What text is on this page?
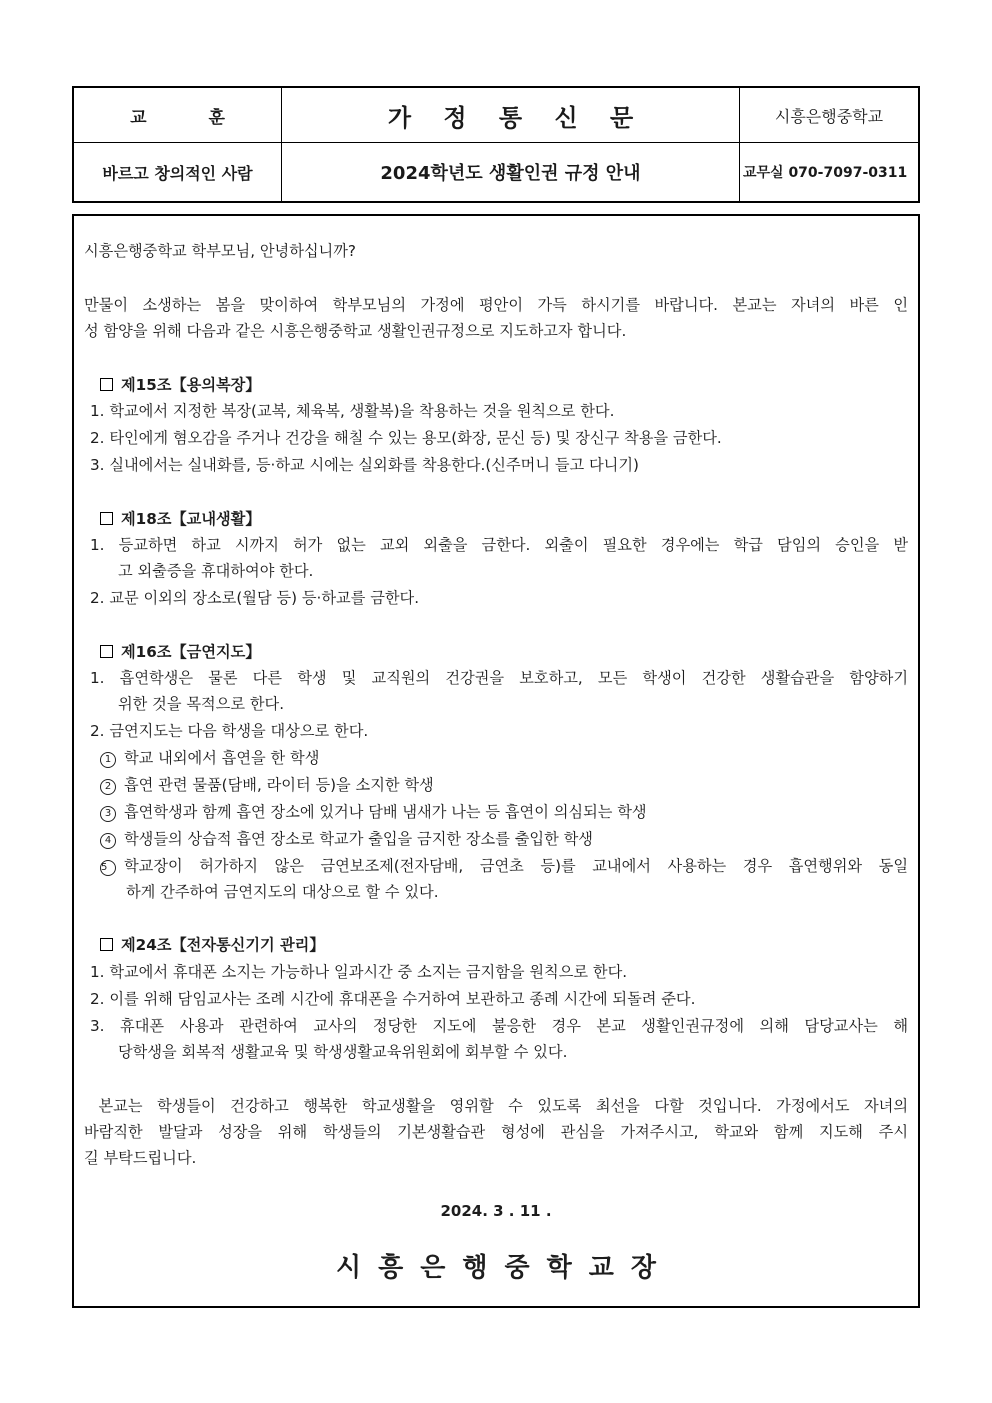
교 훈	가 정 통 신 문	시흥은행중학교
바르고 창의적인 사람	2024학년도 생활인권 규정 안내	교무실 070-7097-0311
시흥은행중학교 학부모님, 안녕하십니까?
만물이 소생하는 봄을 맞이하여 학부모님의 가정에 평안이 가득 하시기를 바랍니다. 본교는 자녀의 바른 인
성 함양을 위해 다음과 같은 시흥은행중학교 생활인권규정으로 지도하고자 합니다.
제15조【용의복장】
1. 학교에서 지정한 복장(교복, 체육복, 생활복)을 착용하는 것을 원칙으로 한다.
2. 타인에게 혐오감을 주거나 건강을 해칠 수 있는 용모(화장, 문신 등) 및 장신구 착용을 금한다.
3. 실내에서는 실내화를, 등·하교 시에는 실외화를 착용한다.(신주머니 들고 다니기)
제18조【교내생활】
1. 등교하면 하교 시까지 허가 없는 교외 외출을 금한다. 외출이 필요한 경우에는 학급 담임의 승인을 받
고 외출증을 휴대하여야 한다.
2. 교문 이외의 장소로(월담 등) 등·하교를 금한다.
제16조【금연지도】
1. 흡연학생은 물론 다른 학생 및 교직원의 건강권을 보호하고, 모든 학생이 건강한 생활습관을 함양하기
위한 것을 목적으로 한다.
2. 금연지도는 다음 학생을 대상으로 한다.
1 학교 내외에서 흡연을 한 학생
2 흡연 관련 물품(담배, 라이터 등)을 소지한 학생
3 흡연학생과 함께 흡연 장소에 있거나 담배 냄새가 나는 등 흡연이 의심되는 학생
4 학생들의 상습적 흡연 장소로 학교가 출입을 금지한 장소를 출입한 학생
5 학교장이 허가하지 않은 금연보조제(전자담배, 금연초 등)를 교내에서 사용하는 경우 흡연행위와 동일
하게 간주하여 금연지도의 대상으로 할 수 있다.
제24조【전자통신기기 관리】
1. 학교에서 휴대폰 소지는 가능하나 일과시간 중 소지는 금지함을 원칙으로 한다.
2. 이를 위해 담임교사는 조례 시간에 휴대폰을 수거하여 보관하고 종례 시간에 되돌려 준다.
3. 휴대폰 사용과 관련하여 교사의 정당한 지도에 불응한 경우 본교 생활인권규정에 의해 담당교사는 해
당학생을 회복적 생활교육 및 학생생활교육위원회에 회부할 수 있다.
본교는 학생들이 건강하고 행복한 학교생활을 영위할 수 있도록 최선을 다할 것입니다. 가정에서도 자녀의
바람직한 발달과 성장을 위해 학생들의 기본생활습관 형성에 관심을 가져주시고, 학교와 함께 지도해 주시
길 부탁드립니다.
2024. 3 . 11 .
시흥은행중학교장
